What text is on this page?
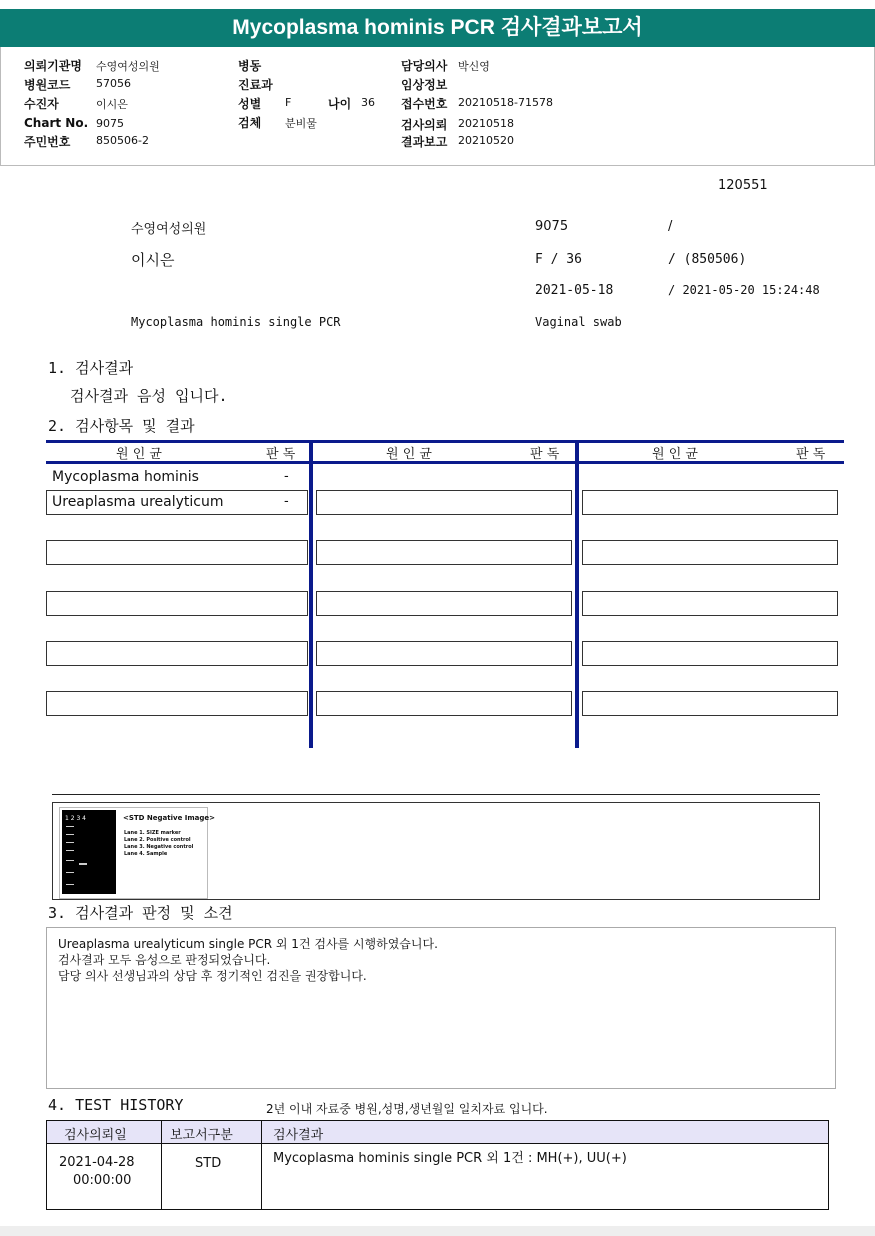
Mycoplasma hominis PCR 검사결과보고서
의뢰기관명 수영여성의원
병원코드 57056
수진자	이시은
Chart No. 9075
주민번호 850506-2
병동
진료과
성별 F	나이 36
검체 분비물
담당의사 박신영
임상정보
접수번호 20210518-71578
검사의뢰 20210518
결과보고 20210520
120551
수영여성의원	9075	/
이시은	F / 36	/ (850506)
2021-05-18	/ 2021-05-20 15:24:48
Mycoplasma hominis single PCR	Vaginal swab
1. 검사결과
검사결과 음성 입니다.
2. 검사항목 및 결과
원 인 균	판 독	원 인 균	판 독	원 인 균	판 독
Mycoplasma hominis	-
Ureaplasma urealyticum	-
1 2 3 4	<STD Negative Image>
Lane 1. SIZE marker
Lane 2. Positive control
Lane 3. Negative control
Lane 4. Sample
3. 검사결과 판정 및 소견
Ureaplasma urealyticum single PCR 외 1건 검사를 시행하였습니다.
검사결과 모두 음성으로 판정되었습니다.
담당 의사 선생님과의 상담 후 정기적인 검진을 권장합니다.
4. TEST HISTORY	2년 이내 자료중 병원,성명,생년월일 일치자료 입니다.
검사의뢰일	보고서구분	검사결과
2021-04-28
00:00:00
STD	Mycoplasma hominis single PCR 외 1건 : MH(+), UU(+)
